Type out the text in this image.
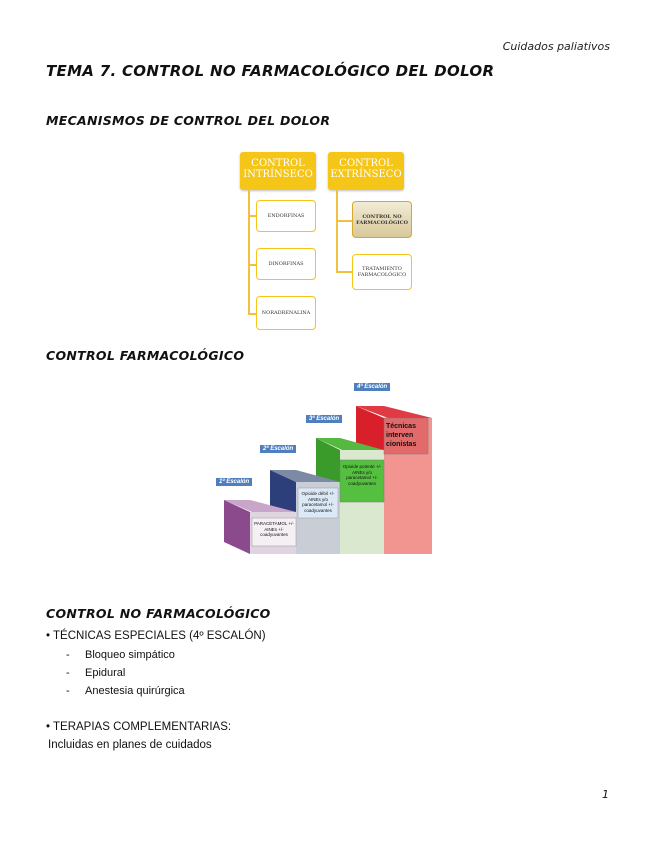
Cuidados paliativos
TEMA 7. CONTROL NO FARMACOLÓGICO DEL DOLOR
MECANISMOS DE CONTROL DEL DOLOR
CONTROL INTRÍNSECO
CONTROL EXTRÍNSECO
ENDORFINAS
DINORFINAS
NORADRENALINA
CONTROL NO FARMACOLÓGICO
TRATAMIENTO FARMACOLÓGICO
CONTROL FARMACOLÓGICO
1º Escalón
2º Escalón
3º Escalón
4º Escalón
PARACETAMOL +/- AINEs +/- coadyuvantes
Opioide débil +/- AINEs y/o paracetamol +/- coadyuvantes
Opioide potente +/- AINEs y/o paracetamol +/- coadyuvantes
Técnicas interven cionistas
CONTROL NO FARMACOLÓGICO
• TÉCNICAS ESPECIALES (4º ESCALÓN)
- Bloqueo simpático
- Epidural
- Anestesia quirúrgica
• TERAPIAS COMPLEMENTARIAS:
Incluidas en planes de cuidados
1
